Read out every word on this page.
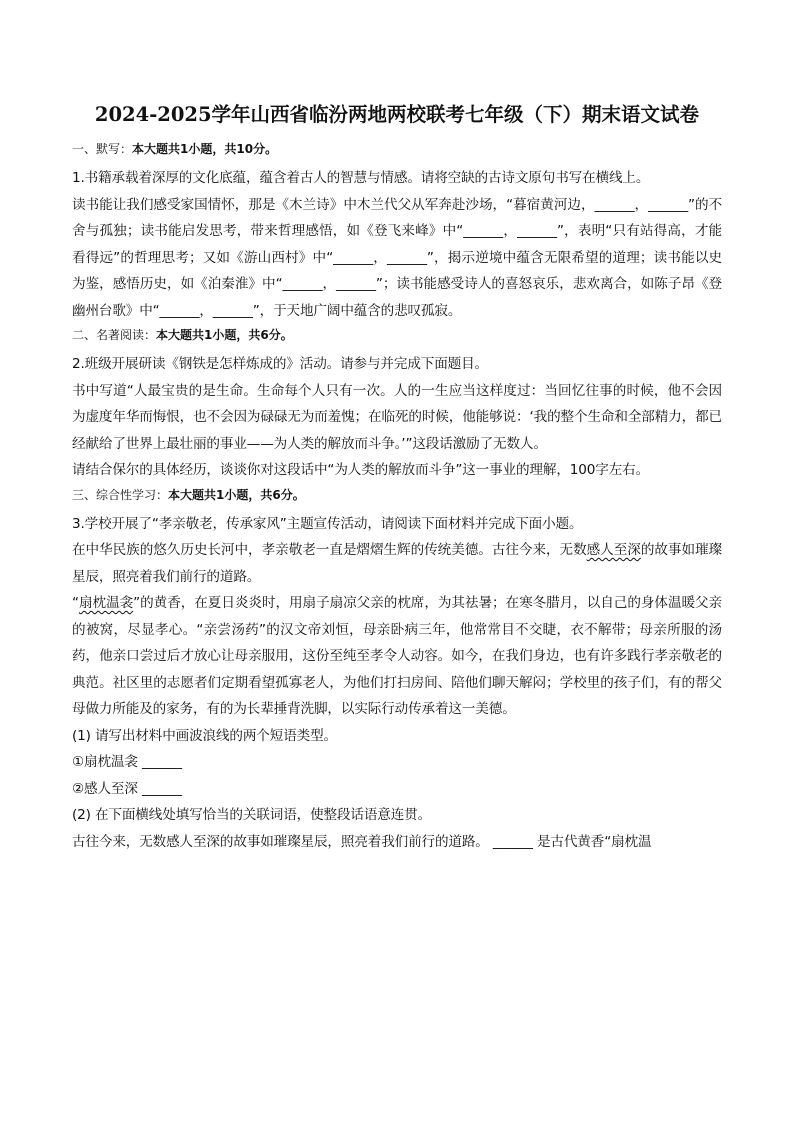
2024-2025学年山西省临汾两地两校联考七年级（下）期末语文试卷
一、默写：本大题共1小题，共10分。

1.书籍承载着深厚的文化底蕴，蕴含着古人的智慧与情感。请将空缺的古诗文原句书写在横线上。

读书能让我们感受家国情怀，那是《木兰诗》中木兰代父从军奔赴沙场，“暮宿黄河边，______，______”的不舍与孤独；读书能启发思考，带来哲理感悟，如《登飞来峰》中“______，______”，表明“只有站得高，才能看得远”的哲理思考；又如《游山西村》中“______，______”，揭示逆境中蕴含无限希望的道理；读书能以史为鉴，感悟历史，如《泊秦淮》中“______，______”；读书能感受诗人的喜怒哀乐，悲欢离合，如陈子昂《登幽州台歌》中“______，______”，于天地广阔中蕴含的悲叹孤寂。

二、名著阅读：本大题共1小题，共6分。

2.班级开展研读《钢铁是怎样炼成的》活动。请参与并完成下面题目。

书中写道“人最宝贵的是生命。生命每个人只有一次。人的一生应当这样度过：当回忆往事的时候，他不会因为虚度年华而悔恨，也不会因为碌碌无为而羞愧；在临死的时候，他能够说：‘我的整个生命和全部精力，都已经献给了世界上最壮丽的事业——为人类的解放而斗争。’”这段话激励了无数人。

请结合保尔的具体经历，谈谈你对这段话中“为人类的解放而斗争”这一事业的理解，100字左右。

三、综合性学习：本大题共1小题，共6分。

3.学校开展了“孝亲敬老，传承家风”主题宣传活动，请阅读下面材料并完成下面小题。

在中华民族的悠久历史长河中，孝亲敬老一直是熠熠生辉的传统美德。古往今来，无数感人至深的故事如璀璨星辰，照亮着我们前行的道路。

“扇枕温衾”的黄香，在夏日炎炎时，用扇子扇凉父亲的枕席，为其祛暑；在寒冬腊月，以自己的身体温暖父亲的被窝，尽显孝心。“亲尝汤药”的汉文帝刘恒，母亲卧病三年，他常常目不交睫，衣不解带；母亲所服的汤药，他亲口尝过后才放心让母亲服用，这份至纯至孝令人动容。如今，在我们身边，也有许多践行孝亲敬老的典范。社区里的志愿者们定期看望孤寡老人，为他们打扫房间、陪他们聊天解闷；学校里的孩子们，有的帮父母做力所能及的家务，有的为长辈捶背洗脚，以实际行动传承着这一美德。

(1) 请写出材料中画波浪线的两个短语类型。

①扇枕温衾 ______

②感人至深 ______

(2) 在下面横线处填写恰当的关联词语，使整段话语意连贯。

古往今来，无数感人至深的故事如璀璨星辰，照亮着我们前行的道路。 ______ 是古代黄香“扇枕温
